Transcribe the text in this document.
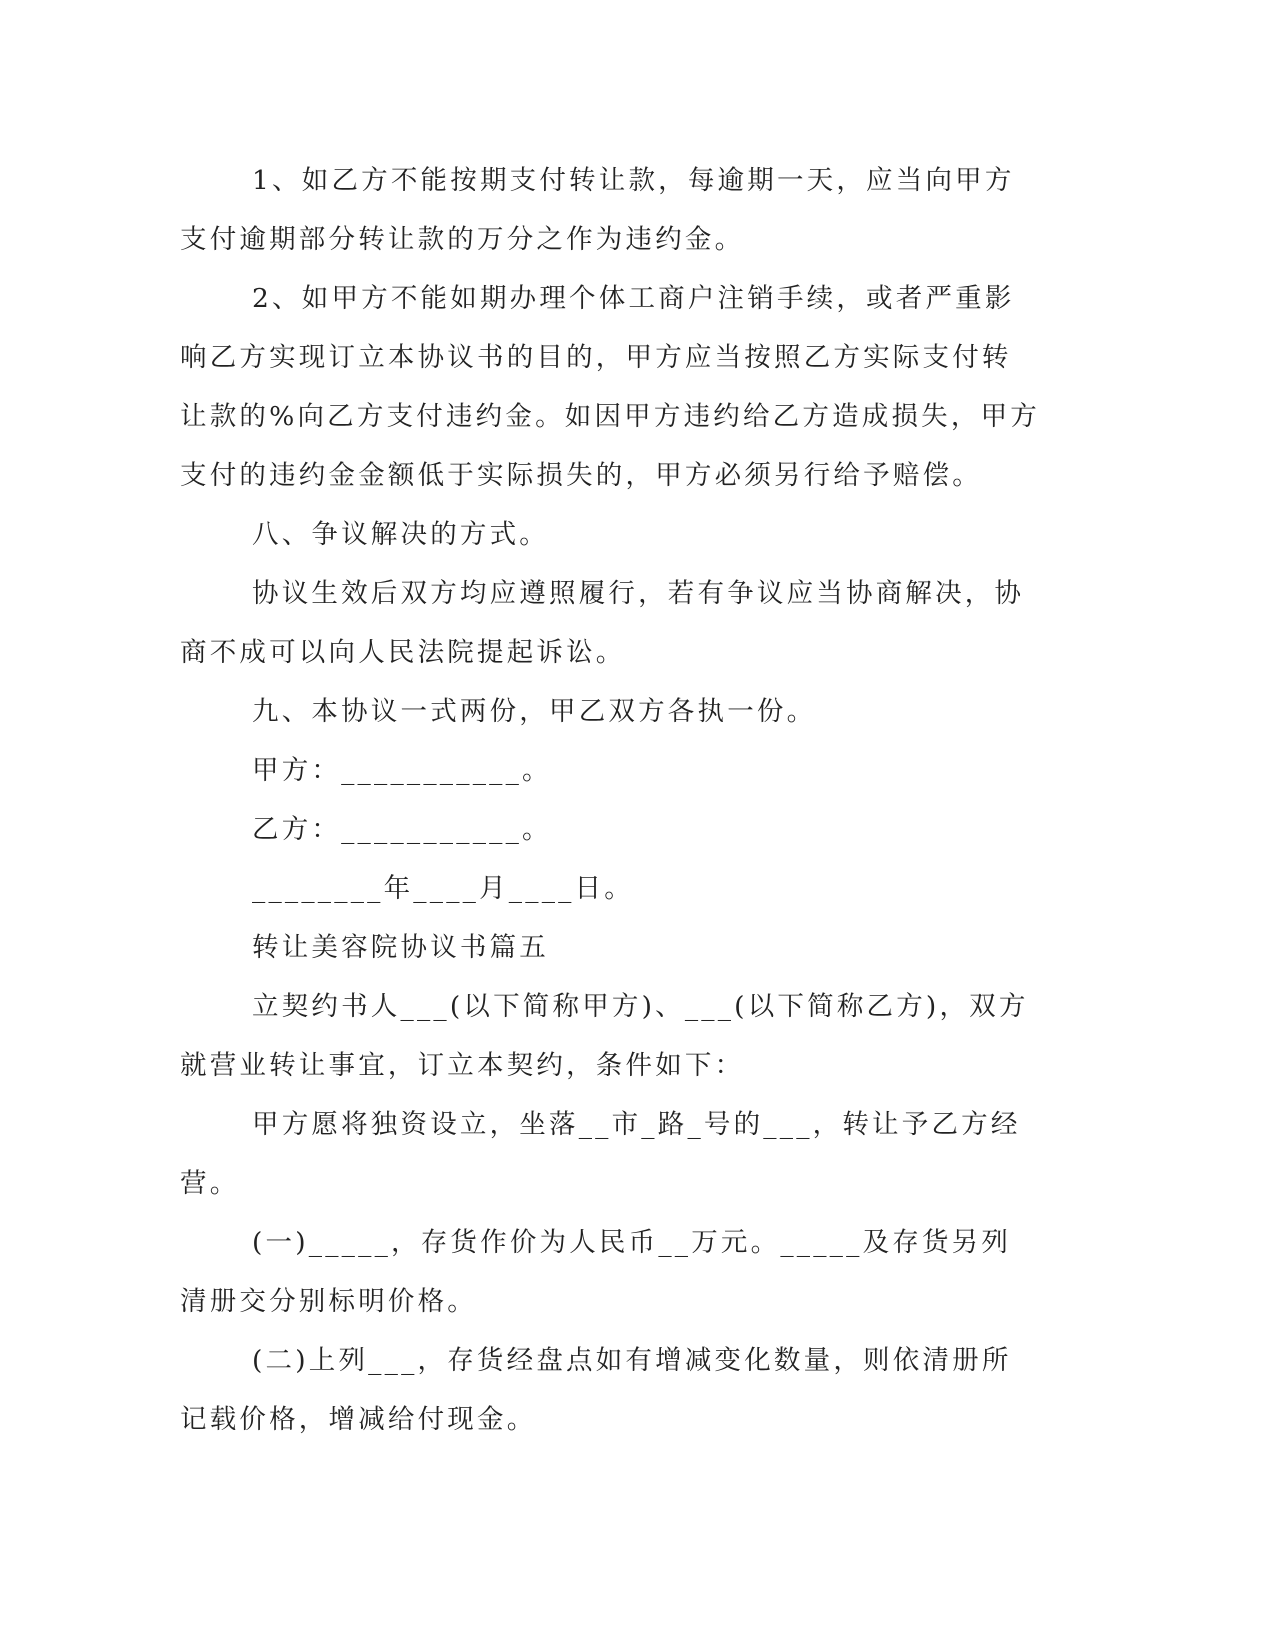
1、如乙方不能按期支付转让款，每逾期一天，应当向甲方支付逾期部分转让款的万分之作为违约金。

2、如甲方不能如期办理个体工商户注销手续，或者严重影响乙方实现订立本协议书的目的，甲方应当按照乙方实际支付转让款的%向乙方支付违约金。如因甲方违约给乙方造成损失，甲方支付的违约金金额低于实际损失的，甲方必须另行给予赔偿。

八、争议解决的方式。

协议生效后双方均应遵照履行，若有争议应当协商解决，协商不成可以向人民法院提起诉讼。

九、本协议一式两份，甲乙双方各执一份。

甲方：___________。

乙方：___________。

________年____月____日。

转让美容院协议书篇五

立契约书人___(以下简称甲方)、___(以下简称乙方)，双方就营业转让事宜，订立本契约，条件如下：

甲方愿将独资设立，坐落__市_路_号的___，转让予乙方经营。

(一)_____，存货作价为人民币__万元。_____及存货另列清册交分别标明价格。

(二)上列___，存货经盘点如有增减变化数量，则依清册所记载价格，增减给付现金。
